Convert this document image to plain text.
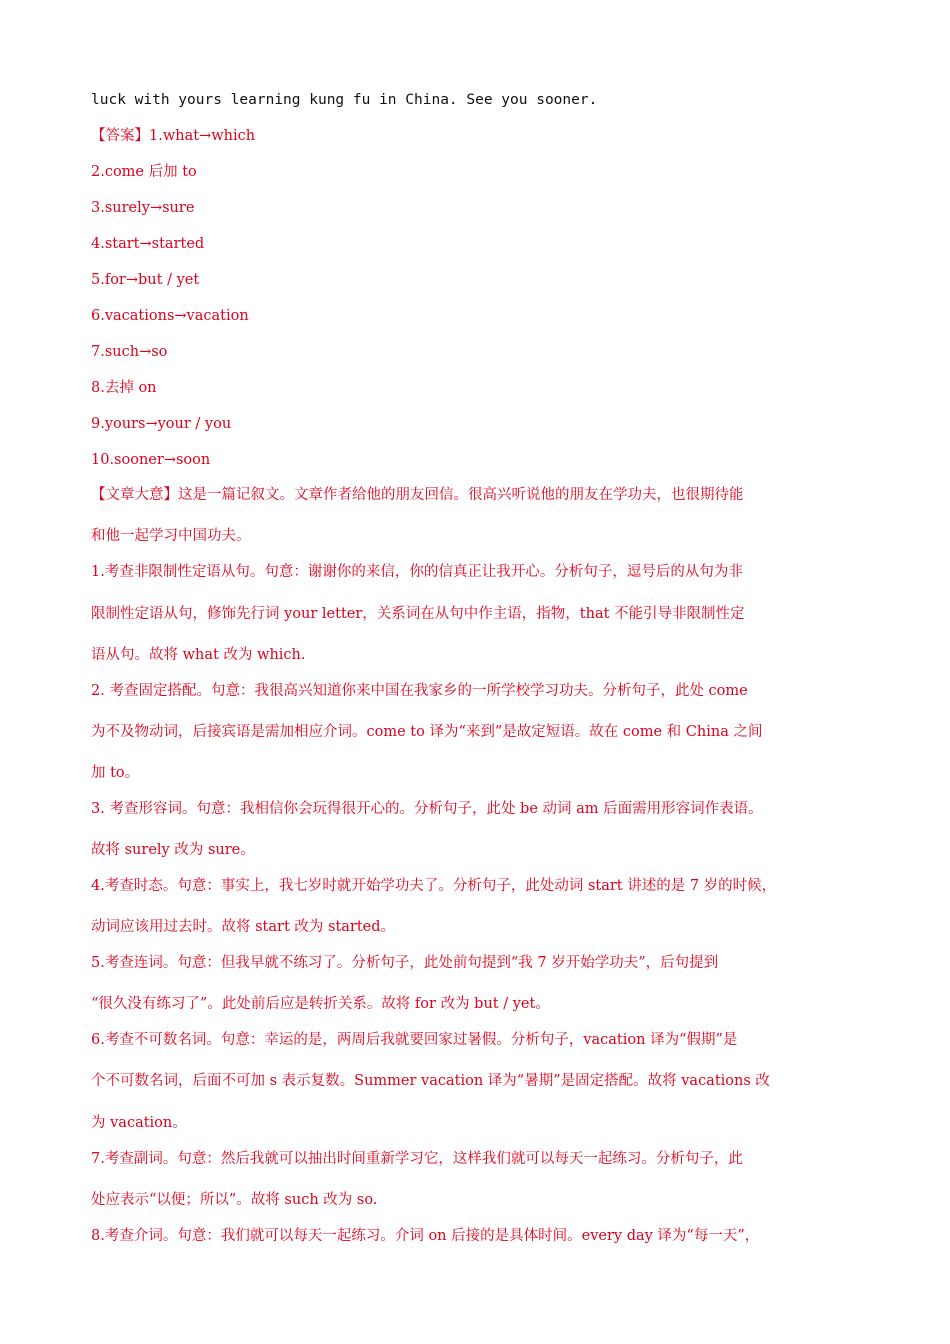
luck with yours learning kung fu in China. See you sooner.
【答案】1.what→which
2.come 后加 to
3.surely→sure
4.start→started
5.for→but / yet
6.vacations→vacation
7.such→so
8.去掉 on
9.yours→your / you
10.sooner→soon
【文章大意】这是一篇记叙文。文章作者给他的朋友回信。很高兴听说他的朋友在学功夫，也很期待能
和他一起学习中国功夫。
1.考查非限制性定语从句。句意：谢谢你的来信，你的信真正让我开心。分析句子，逗号后的从句为非
限制性定语从句，修饰先行词 your letter，关系词在从句中作主语，指物，that 不能引导非限制性定
语从句。故将 what 改为 which.
2. 考查固定搭配。句意：我很高兴知道你来中国在我家乡的一所学校学习功夫。分析句子，此处 come
为不及物动词，后接宾语是需加相应介词。come to 译为“来到”是故定短语。故在 come 和 China 之间
加 to。
3. 考查形容词。句意：我相信你会玩得很开心的。分析句子，此处 be 动词 am 后面需用形容词作表语。
故将 surely 改为 sure。
4.考查时态。句意：事实上，我七岁时就开始学功夫了。分析句子，此处动词 start 讲述的是 7 岁的时候，
动词应该用过去时。故将 start 改为 started。
5.考查连词。句意：但我早就不练习了。分析句子，此处前句提到“我 7 岁开始学功夫”，后句提到
“很久没有练习了”。此处前后应是转折关系。故将 for 改为 but / yet。
6.考查不可数名词。句意：幸运的是，两周后我就要回家过暑假。分析句子，vacation 译为“假期”是
个不可数名词，后面不可加 s 表示复数。Summer vacation 译为“暑期”是固定搭配。故将 vacations 改
为 vacation。
7.考查副词。句意：然后我就可以抽出时间重新学习它，这样我们就可以每天一起练习。分析句子，此
处应表示“以便；所以”。故将 such 改为 so.
8.考查介词。句意：我们就可以每天一起练习。介词 on 后接的是具体时间。every day 译为“每一天”，
